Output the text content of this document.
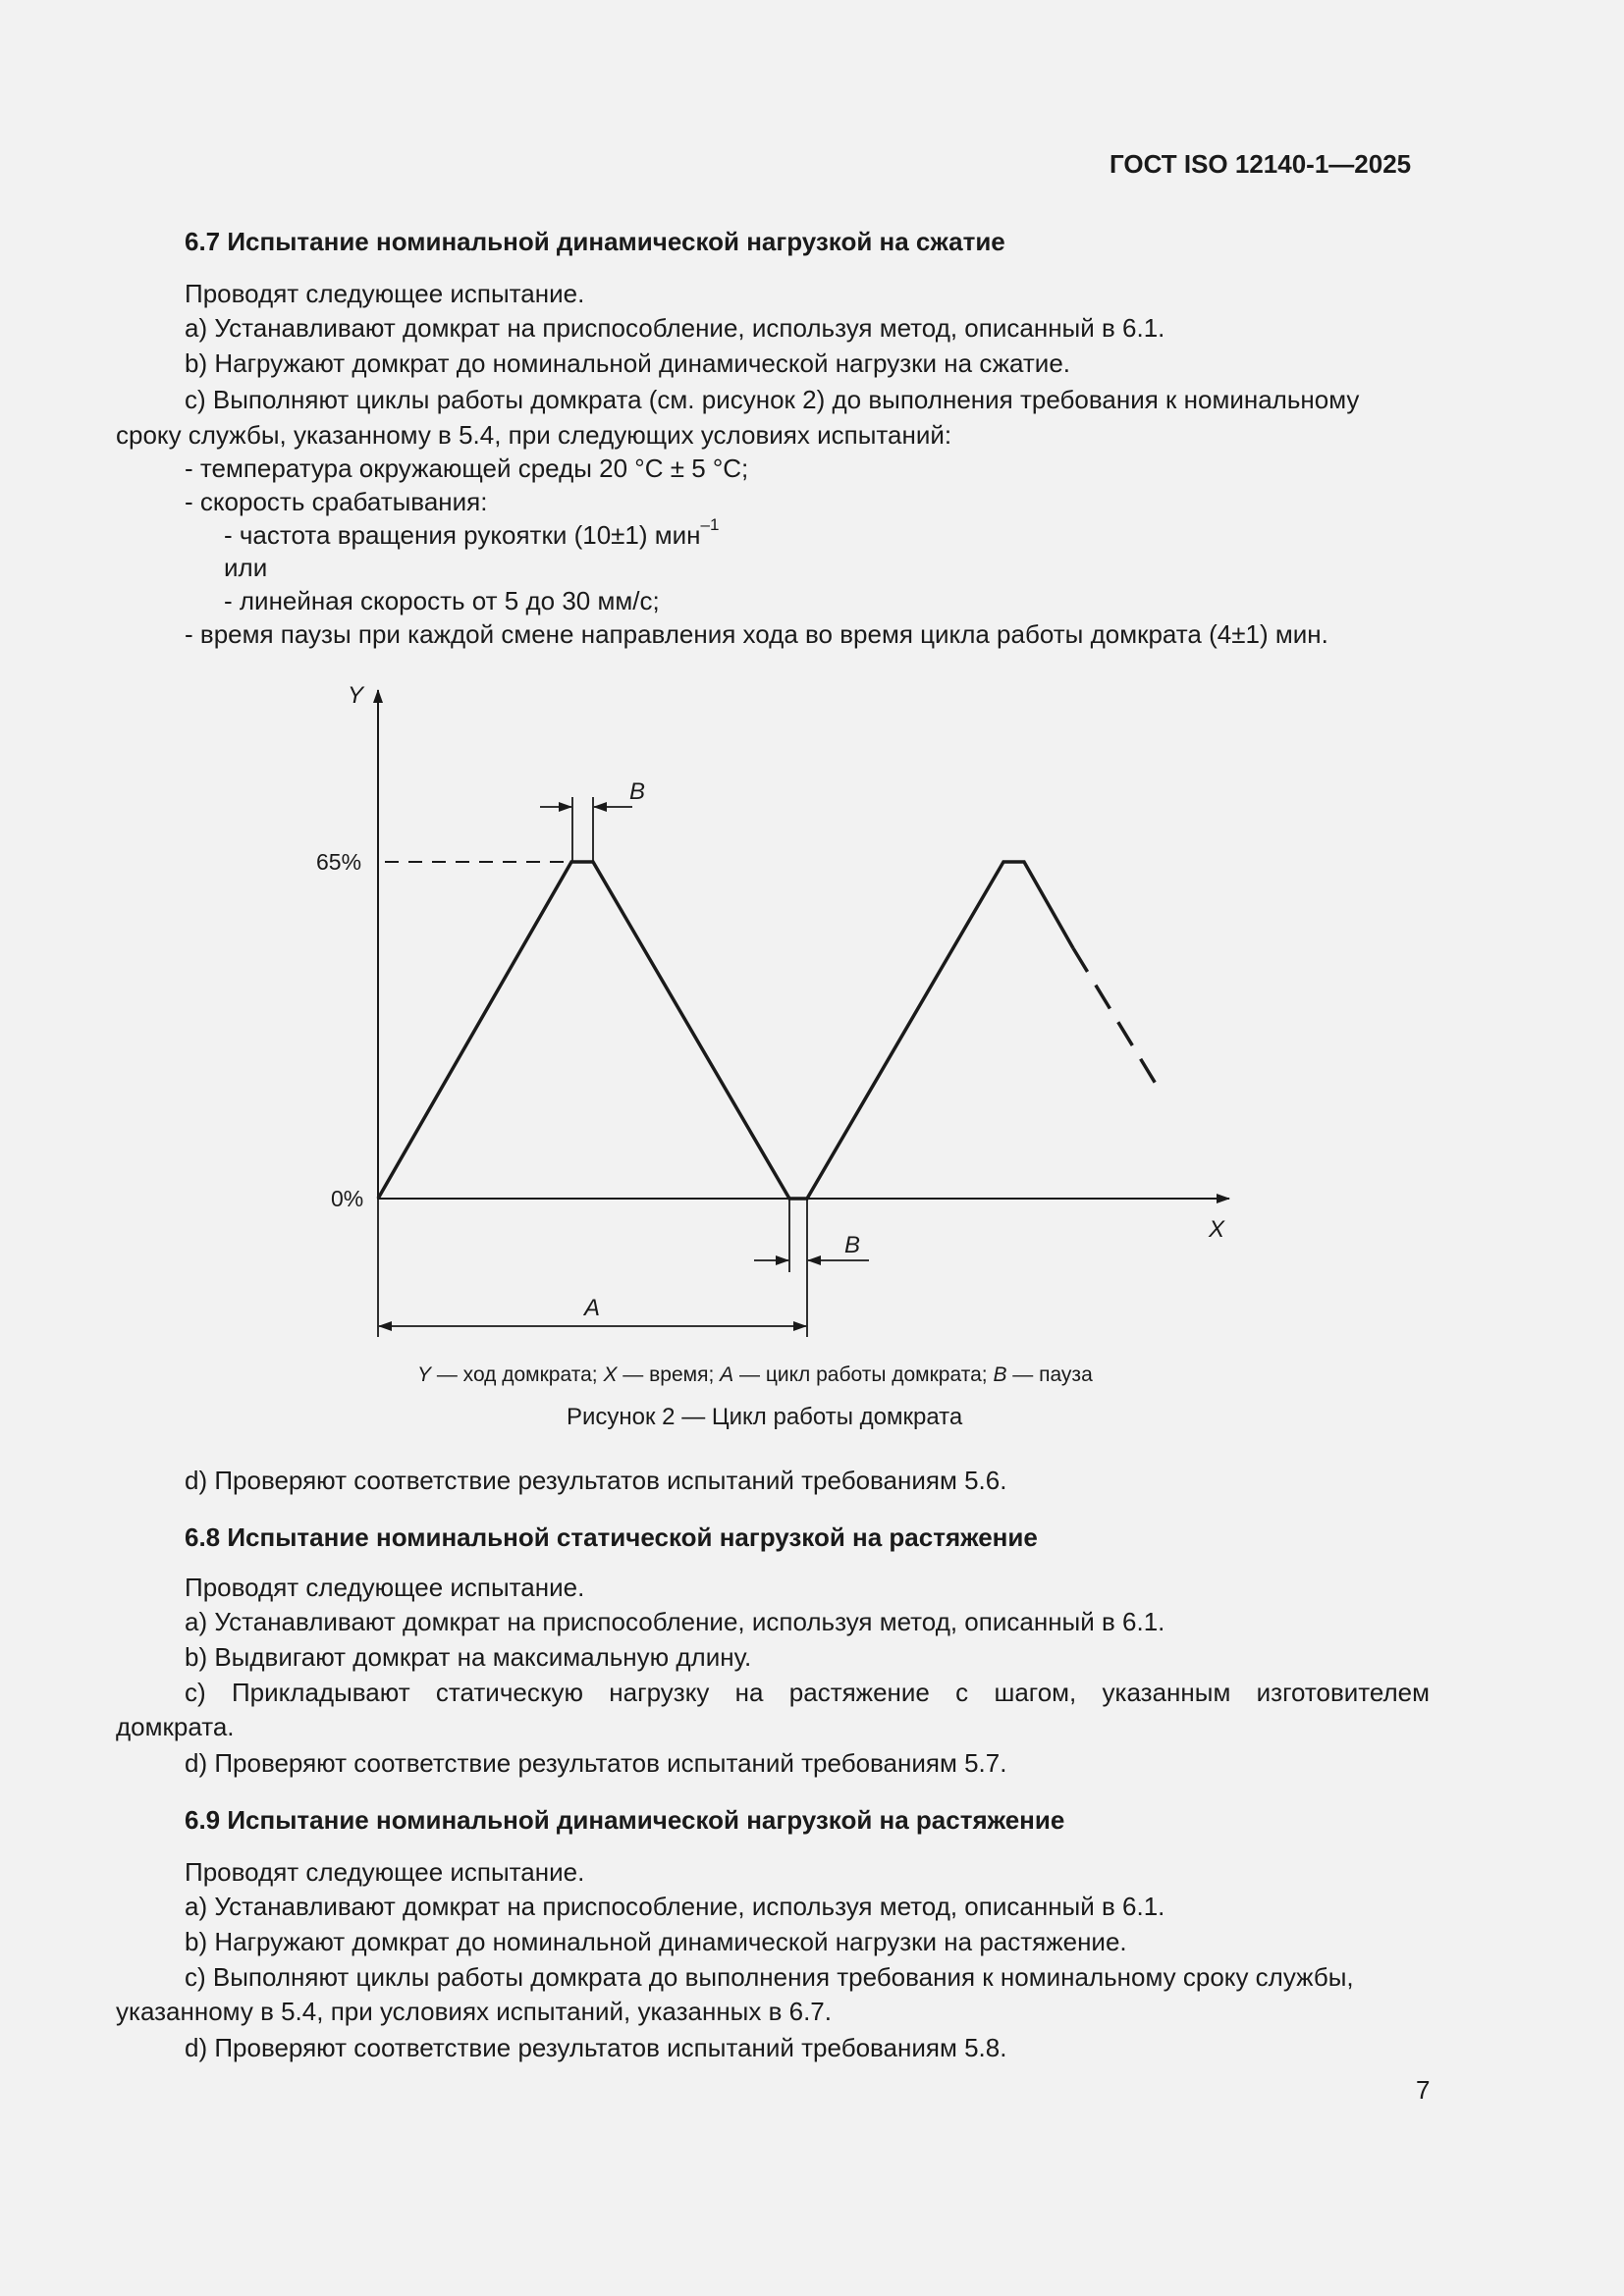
ГОСТ ISO 12140-1—2025
6.7 Испытание номинальной динамической нагрузкой на сжатие
Проводят следующее испытание.
а) Устанавливают домкрат на приспособление, используя метод, описанный в 6.1.
b) Нагружают домкрат до номинальной динамической нагрузки на сжатие.
с) Выполняют циклы работы домкрата (см. рисунок 2) до выполнения требования к номинальному
сроку службы, указанному в 5.4, при следующих условиях испытаний:
- температура окружающей среды 20 °C ± 5 °C;
- скорость срабатывания:
- частота вращения рукоятки (10±1) мин$^{-1}$
или
- линейная скорость от 5 до 30 мм/с;
- время паузы при каждой смене направления хода во время цикла работы домкрата (4±1) мин.
Y
X
65%
0%
B
B
A
Y — ход домкрата; X — время; A — цикл работы домкрата; B — пауза
Рисунок 2 — Цикл работы домкрата
d) Проверяют соответствие результатов испытаний требованиям 5.6.
6.8 Испытание номинальной статической нагрузкой на растяжение
Проводят следующее испытание.
а) Устанавливают домкрат на приспособление, используя метод, описанный в 6.1.
b) Выдвигают домкрат на максимальную длину.
с) Прикладывают статическую нагрузку на растяжение с шагом, указанным изготовителем
домкрата.
d) Проверяют соответствие результатов испытаний требованиям 5.7.
6.9 Испытание номинальной динамической нагрузкой на растяжение
Проводят следующее испытание.
а) Устанавливают домкрат на приспособление, используя метод, описанный в 6.1.
b) Нагружают домкрат до номинальной динамической нагрузки на растяжение.
с) Выполняют циклы работы домкрата до выполнения требования к номинальному сроку службы,
указанному в 5.4, при условиях испытаний, указанных в 6.7.
d) Проверяют соответствие результатов испытаний требованиям 5.8.
7
